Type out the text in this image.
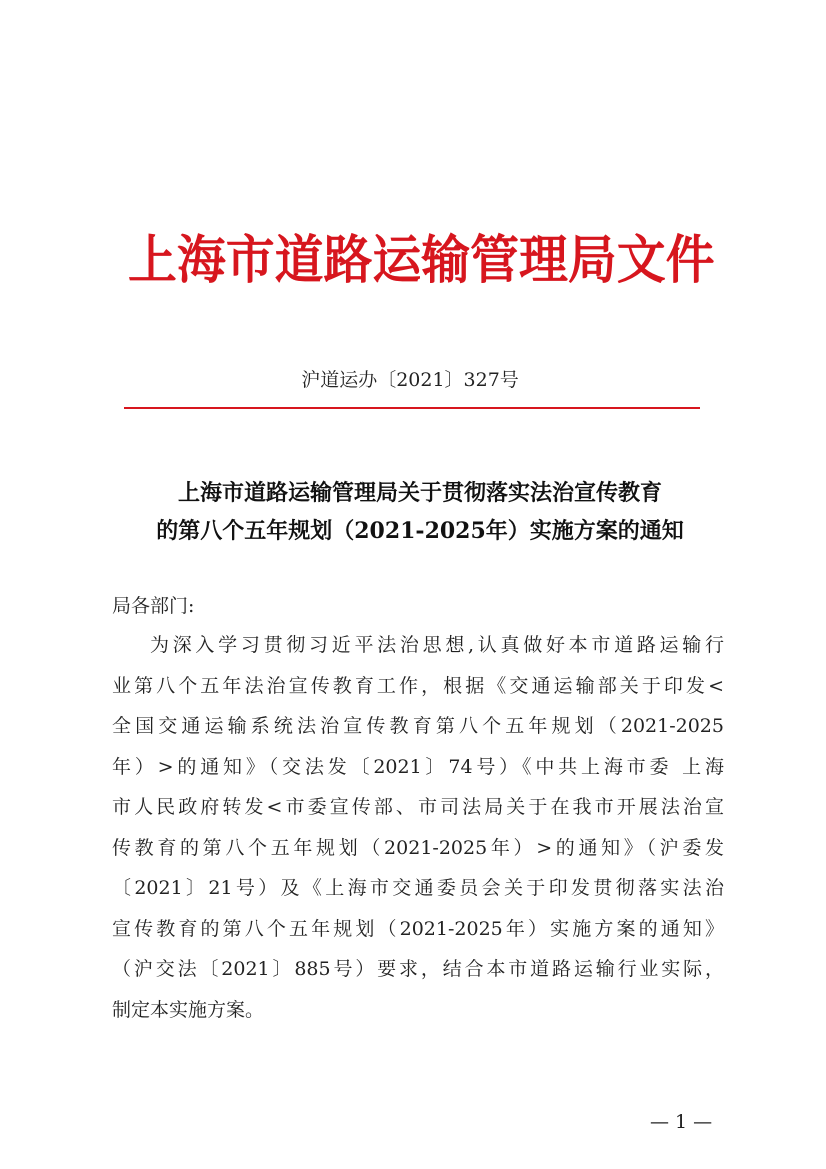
上海市道路运输管理局文件
沪道运办〔2021〕327号
上海市道路运输管理局关于贯彻落实法治宣传教育
的第八个五年规划（2021-2025年）实施方案的通知
局各部门:
为深入学习贯彻习近平法治思想,认真做好本市道路运输行
业第八个五年法治宣传教育工作，根据《交通运输部关于印发<
全国交通运输系统法治宣传教育第八个五年规划（2021-2025
年）>的通知》（交法发〔2021〕74号）《中共上海市委 上海
市人民政府转发<市委宣传部、市司法局关于在我市开展法治宣
传教育的第八个五年规划（2021-2025年）>的通知》（沪委发
〔2021〕21号）及《上海市交通委员会关于印发贯彻落实法治
宣传教育的第八个五年规划（2021-2025年）实施方案的通知》
（沪交法〔2021〕885号）要求，结合本市道路运输行业实际，
制定本实施方案。
— 1 —
